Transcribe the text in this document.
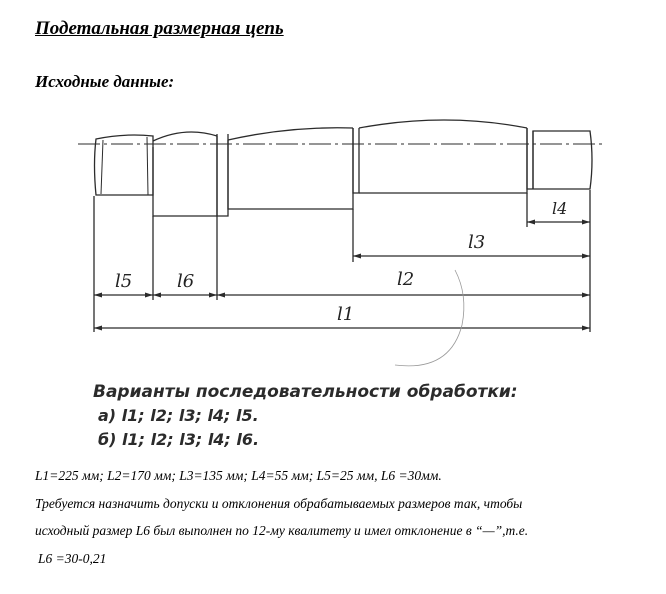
Подетальная размерная цепь
Исходные данные:
l4
l3
l5 l6	l2
l1
Варианты последовательности обработки:
а) l1; l2; l3; l4; l5.
б) l1; l2; l3; l4; l6.
L1=225 мм; L2=170 мм; L3=135 мм; L4=55 мм; L5=25 мм, L6 =30мм.
Требуется назначить допуски и отклонения обрабатываемых размеров так, чтобы
исходный размер L6 был выполнен по 12-му квалитету и имел отклонение в “—”,т.е.
L6 =30-0,21
